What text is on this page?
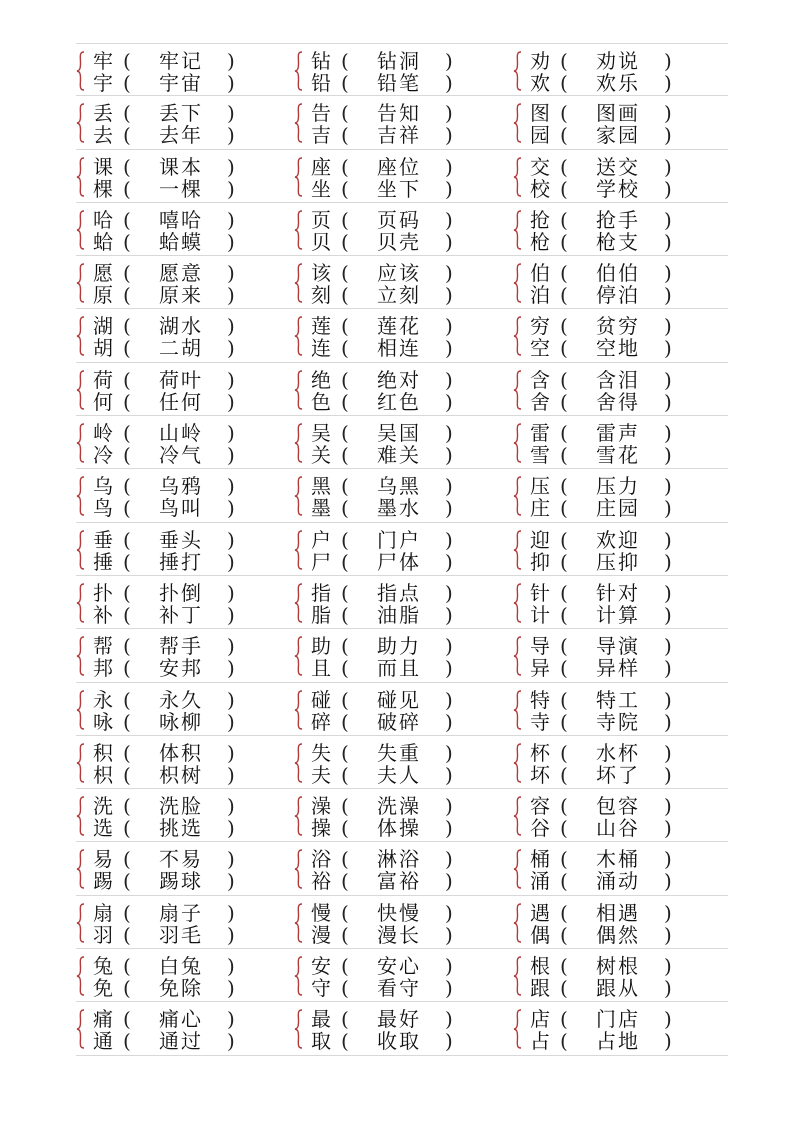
牢 ( 牢记 )
宇 ( 宇宙 )
钻 ( 钻洞 )
铅 ( 铅笔 )
劝 ( 劝说 )
欢 ( 欢乐 )
丢 ( 丢下 )
去 ( 去年 )
告 ( 告知 )
吉 ( 吉祥 )
图 ( 图画 )
园 ( 家园 )
课 ( 课本 )
棵 ( 一棵 )
座 ( 座位 )
坐 ( 坐下 )
交 ( 送交 )
校 ( 学校 )
哈 ( 嘻哈 )
蛤 ( 蛤蟆 )
页 ( 页码 )
贝 ( 贝壳 )
抢 ( 抢手 )
枪 ( 枪支 )
愿 ( 愿意 )
原 ( 原来 )
该 ( 应该 )
刻 ( 立刻 )
伯 ( 伯伯 )
泊 ( 停泊 )
湖 ( 湖水 )
胡 ( 二胡 )
莲 ( 莲花 )
连 ( 相连 )
穷 ( 贫穷 )
空 ( 空地 )
荷 ( 荷叶 )
何 ( 任何 )
绝 ( 绝对 )
色 ( 红色 )
含 ( 含泪 )
舍 ( 舍得 )
岭 ( 山岭 )
冷 ( 冷气 )
吴 ( 吴国 )
关 ( 难关 )
雷 ( 雷声 )
雪 ( 雪花 )
乌 ( 乌鸦 )
鸟 ( 鸟叫 )
黑 ( 乌黑 )
墨 ( 墨水 )
压 ( 压力 )
庄 ( 庄园 )
垂 ( 垂头 )
捶 ( 捶打 )
户 ( 门户 )
尸 ( 尸体 )
迎 ( 欢迎 )
抑 ( 压抑 )
扑 ( 扑倒 )
补 ( 补丁 )
指 ( 指点 )
脂 ( 油脂 )
针 ( 针对 )
计 ( 计算 )
帮 ( 帮手 )
邦 ( 安邦 )
助 ( 助力 )
且 ( 而且 )
导 ( 导演 )
异 ( 异样 )
永 ( 永久 )
咏 ( 咏柳 )
碰 ( 碰见 )
碎 ( 破碎 )
特 ( 特工 )
寺 ( 寺院 )
积 ( 体积 )
枳 ( 枳树 )
失 ( 失重 )
夫 ( 夫人 )
杯 ( 水杯 )
坏 ( 坏了 )
洗 ( 洗脸 )
选 ( 挑选 )
澡 ( 洗澡 )
操 ( 体操 )
容 ( 包容 )
谷 ( 山谷 )
易 ( 不易 )
踢 ( 踢球 )
浴 ( 淋浴 )
裕 ( 富裕 )
桶 ( 木桶 )
涌 ( 涌动 )
扇 ( 扇子 )
羽 ( 羽毛 )
慢 ( 快慢 )
漫 ( 漫长 )
遇 ( 相遇 )
偶 ( 偶然 )
兔 ( 白兔 )
免 ( 免除 )
安 ( 安心 )
守 ( 看守 )
根 ( 树根 )
跟 ( 跟从 )
痛 ( 痛心 )
通 ( 通过 )
最 ( 最好 )
取 ( 收取 )
店 ( 门店 )
占 ( 占地 )
